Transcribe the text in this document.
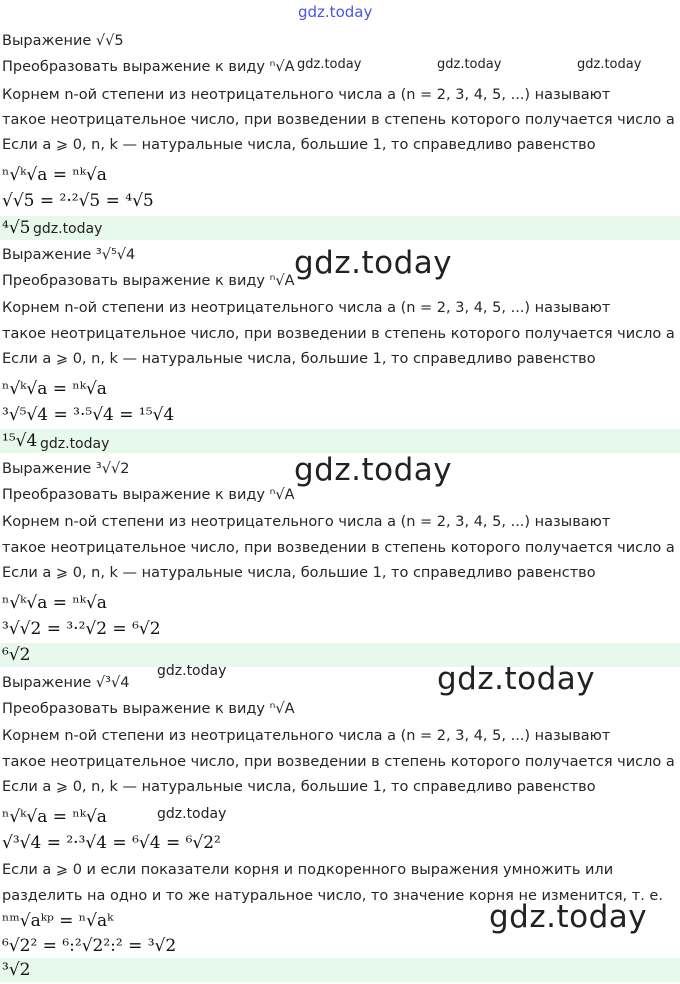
Выражение √√5
Преобразовать выражение к виду ⁿ√A
Корнем n-ой степени из неотрицательного числа a (n = 2, 3, 4, 5, ...) называют
такое неотрицательное число, при возведении в степень которого получается число a
Если a ⩾ 0, n, k — натуральные числа, большие 1, то справедливо равенство
ⁿ√ᵏ√a = ⁿᵏ√a
√√5 = ²·²√5 = ⁴√5
⁴√5
Выражение ³√⁵√4
Преобразовать выражение к виду ⁿ√A
Корнем n-ой степени из неотрицательного числа a (n = 2, 3, 4, 5, ...) называют
такое неотрицательное число, при возведении в степень которого получается число a
Если a ⩾ 0, n, k — натуральные числа, большие 1, то справедливо равенство
ⁿ√ᵏ√a = ⁿᵏ√a
³√⁵√4 = ³·⁵√4 = ¹⁵√4
¹⁵√4
Выражение ³√√2
Преобразовать выражение к виду ⁿ√A
Корнем n-ой степени из неотрицательного числа a (n = 2, 3, 4, 5, ...) называют
такое неотрицательное число, при возведении в степень которого получается число a
Если a ⩾ 0, n, k — натуральные числа, большие 1, то справедливо равенство
ⁿ√ᵏ√a = ⁿᵏ√a
³√√2 = ³·²√2 = ⁶√2
⁶√2
Выражение √³√4
Преобразовать выражение к виду ⁿ√A
Корнем n-ой степени из неотрицательного числа a (n = 2, 3, 4, 5, ...) называют
такое неотрицательное число, при возведении в степень которого получается число a
Если a ⩾ 0, n, k — натуральные числа, большие 1, то справедливо равенство
ⁿ√ᵏ√a = ⁿᵏ√a
√³√4 = ²·³√4 = ⁶√4 = ⁶√2²
Если a ⩾ 0 и если показатели корня и подкоренного выражения умножить или
разделить на одно и то же натуральное число, то значение корня не изменится, т. е.
ⁿᵐ√aᵏᵖ = ⁿ√aᵏ
⁶√2² = ⁶:²√2²:² = ³√2
³√2
gdz.today
gdz.today	gdz.today	gdz.today
gdz.today
gdz.today
gdz.today
gdz.today
gdz.today	gdz.today
gdz.today
gdz.today
